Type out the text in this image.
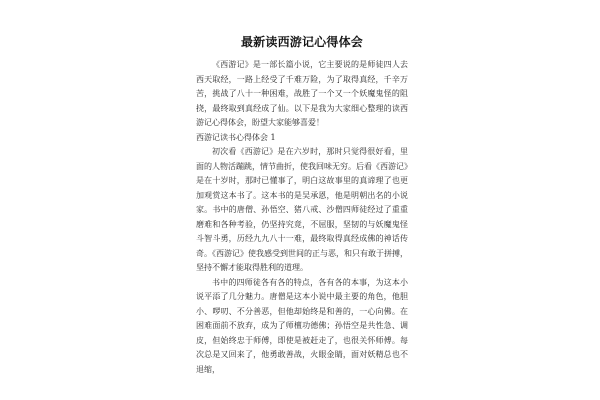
最新读西游记心得体会

《西游记》是一部长篇小说，它主要说的是师徒四人去西天取经，一路上经受了千难万险，为了取得真经，千辛万苦，挑战了八十一种困难，战胜了一个又一个妖魔鬼怪的阻挠，最终取到真经成了仙。以下是我为大家细心整理的读西游记心得体会，盼望大家能够喜爱！

西游记读书心得体会 1

初次看《西游记》是在六岁时，那时只觉得很好看，里面的人物活蹦跳，情节曲折，使我回味无穷。后看《西游记》是在十岁时，那时已懂事了，明白这故事里的真谛理了也更加观赏这本书了。这本书的是吴承恩，他是明朝出名的小说家。书中的唐僧、孙悟空、猪八戒、沙僧四师徒经过了重重磨难和各种考验，仍坚持究竟，不屈服，坚韧的与妖魔鬼怪斗智斗勇，历经九九八十一难，最终取得真经成佛的神话传奇。《西游记》使我感受到世间的正与恶，和只有敢于拼搏，坚持不懈才能取得胜利的道理。

书中的四师徒各有各的特点，各有各的本事，为这本小说平添了几分魅力。唐僧是这本小说中最主要的角色，他胆小、啰叨、不分善恶，但他却始终是和善的，一心向佛。在困难面前不放弃，成为了师檀功德佛；孙悟空是共性急、调皮，但始终忠于师傅，即使是被赶走了，也很关怀师傅。每次总是又回来了，他勇敢善战，火眼金睛，面对妖精总也不退缩，
